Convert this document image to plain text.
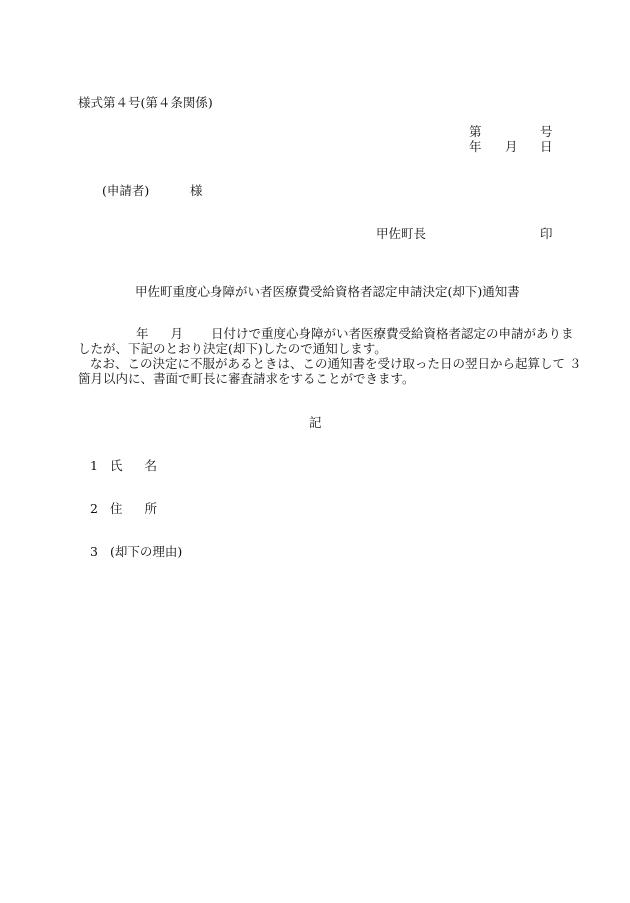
様式第４号(第４条関係)
第	号
年 月 日
(申請者)	様
甲佐町長	印
甲佐町重度心身障がい者医療費受給資格者認定申請決定(却下)通知書
年 月 日付けで重度心身障がい者医療費受給資格者認定の申請がありま
したが、下記のとおり決定(却下)したので通知します。
なお、この決定に不服があるときは、この通知書を受け取った日の翌日から起算して ３
箇月以内に、書面で町長に審査請求をすることができます。
記
1 氏 名
2 住 所
3 (却下の理由)
